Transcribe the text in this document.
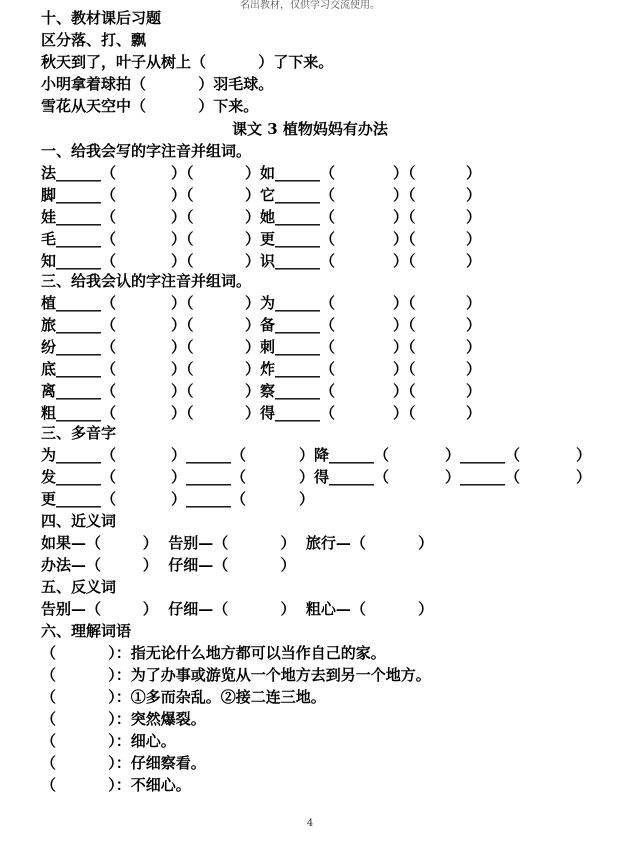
名出教材，仅供学习交流使用。
十、教材课后习题
区分落、打、飘
秋天到了，叶子从树上（          ）了下来。
小明拿着球拍（          ）羽毛球。
雪花从天空中（          ）下来。
课文 3 植物妈妈有办法
一、给我会写的字注音并组词。
法______（	）（	）如______（	）（	）
脚______（	）（	）它______（	）（	）
娃______（	）（	）她______（	）（	）
毛______（	）（	）更______（	）（	）
知______（	）（	）识______（	）（	）
三、给我会认的字注音并组词。
植______（	）（	）为______（	）（	）
旅______（	）（	）备______（	）（	）
纷______（	）（	）刺______（	）（	）
底______（	）（	）炸______（	）（	）
离______（	）（	）察______（	）（	）
粗______（	）（	）得______（	）（	）
三、多音字
为______（	）______（	）降______（	）______（	）
发______（	）______（	）得______（	）______（	）
更______（	）______（	）
四、近义词
如果—（        ）  告别—（          ）  旅行—（          ）
办法—（        ）  仔细—（          ）
五、反义词
告别—（        ）  仔细—（          ）  粗心—（          ）
六、理解词语
（          ）：指无论什么地方都可以当作自己的家。
（          ）：为了办事或游览从一个地方去到另一个地方。
（          ）：①多而杂乱。②接二连三地。
（          ）：突然爆裂。
（          ）：细心。
（          ）：仔细察看。
（          ）：不细心。
4
